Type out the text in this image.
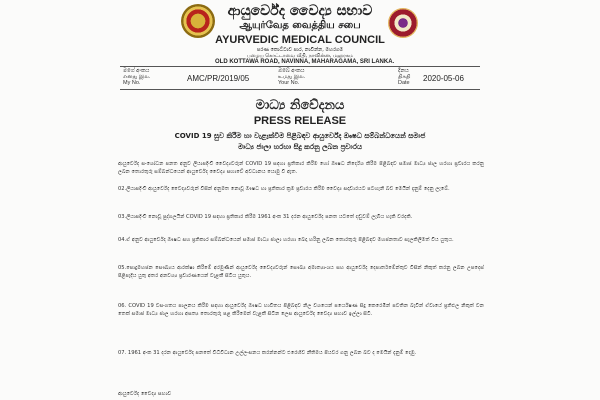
ආයුර්වේද වෛද්‍ය සභාව
ஆயுர்வேத வைத்திய சபை
AYURVEDIC MEDICAL COUNCIL
පරණ කොට්ටාව පාර, නාවින්න, මහරගම
பழைய கொட்டாவை வீதி, நாவின்ன, மஹரகம
OLD KOTTAWA ROAD, NAVINNA, MAHARAGAMA, SRI LANKA.
මගේ අංකය
எனது இல.
My No.	AMC/PR/2019/05
ඔබේ අංකය
உமது இல.
Your No.
දිනය
திகதி
Date 2020-05-06
මාධ්‍ය නිවේදනය
PRESS RELEASE
COVID 19 සුව කිරීම හා වැළැක්වීම පිළිබඳව ආයුර්වේද ඖෂධ සම්බන්ධයෙන් සමාජ
මාධ්‍ය ජාලා හරහා සිදු කරනු ලබන ප්‍රචාරය

ආයුර්වේද සංශෝධන පනත අනුව ලියාපදිංචි වෛද්‍යවරුන් COVID 19 සඳහා ප්‍රතිකාර කිරීම හෝ ඖෂධ නිර්දේශ කිරීම පිළිබඳව සමාජ මාධ්‍ය ජාල හරහා ප්‍රචාරය කරනු ලබන තොරතුරු සම්බන්ධයෙන් ආයුර්වේද වෛද්‍ය සභාවේ අවධානය යොමු වී ඇත.

02.ලියාපදිංචි ආයුර්වේද වෛද්‍යවරුන් විසින් අනුමත නොවූ ඖෂධ හා ප්‍රතිකාර ක්‍රම ප්‍රචාරය කිරීම වෛද්‍ය සදාචාරයට පටහැනි බව මෙයින් දැනුම් දෙනු ලැබේ.

03.ලියාපදිංචි නොවූ පුද්ගලයින් COVID 19 සඳහා ප්‍රතිකාර කිරීම 1961 අංක 31 දරන ආයුර්වේද පනත යටතේ දඬුවම් ලැබිය හැකි වරදකි.

04.ඒ අනුව ආයුර්වේද ඖෂධ සහ ප්‍රතිකාර සම්බන්ධයෙන් සමාජ මාධ්‍ය ජාලා හරහා බෙදා හරිනු ලබන තොරතුරු පිළිබඳව මහජනතාව සැලකිලිමත් විය යුතුය.

05.පොදුමහජන සෞඛ්‍යය ආරක්ෂා කිරීමේ අරමුණින් ආයුර්වේද වෛද්‍යවරුන් සෞඛ්‍ය අමාත්‍යාංශය සහ ආයුර්වේද දෙපාර්තමේන්තුව විසින් නිකුත් කරනු ලබන උපදෙස් පිළිපැදිය යුතු අතර අනවශ්‍ය ප්‍රචාරණයෙන් වැළකී සිටිය යුතුය.

06. COVID 19 වසංගතය පාලනය කිරීම සඳහා ආයුර්වේද ඖෂධ භාවිතය පිළිබඳව නිල වශයෙන් පර්යේෂණ සිදු කෙරෙමින් පවතින බැවින් ඒවායේ ප්‍රතිඵල නිකුත් වන තෙක් සමාජ මාධ්‍ය ජාල හරහා අසත්‍ය තොරතුරු පළ කිරීමෙන් වැළකී සිටින ලෙස ආයුර්වේද වෛද්‍ය සභාව ඉල්ලා සිටී.

07. 1961 අංක 31 දරන ආයුර්වේද පනතේ විධිවිධාන උල්ලංඝනය කරන්නන්ට එරෙහිව නීතිමය පියවර ගනු ලබන බව ද මෙයින් දැනුම් දෙමු.

ආයුර්වේද වෛද්‍ය සභාව
